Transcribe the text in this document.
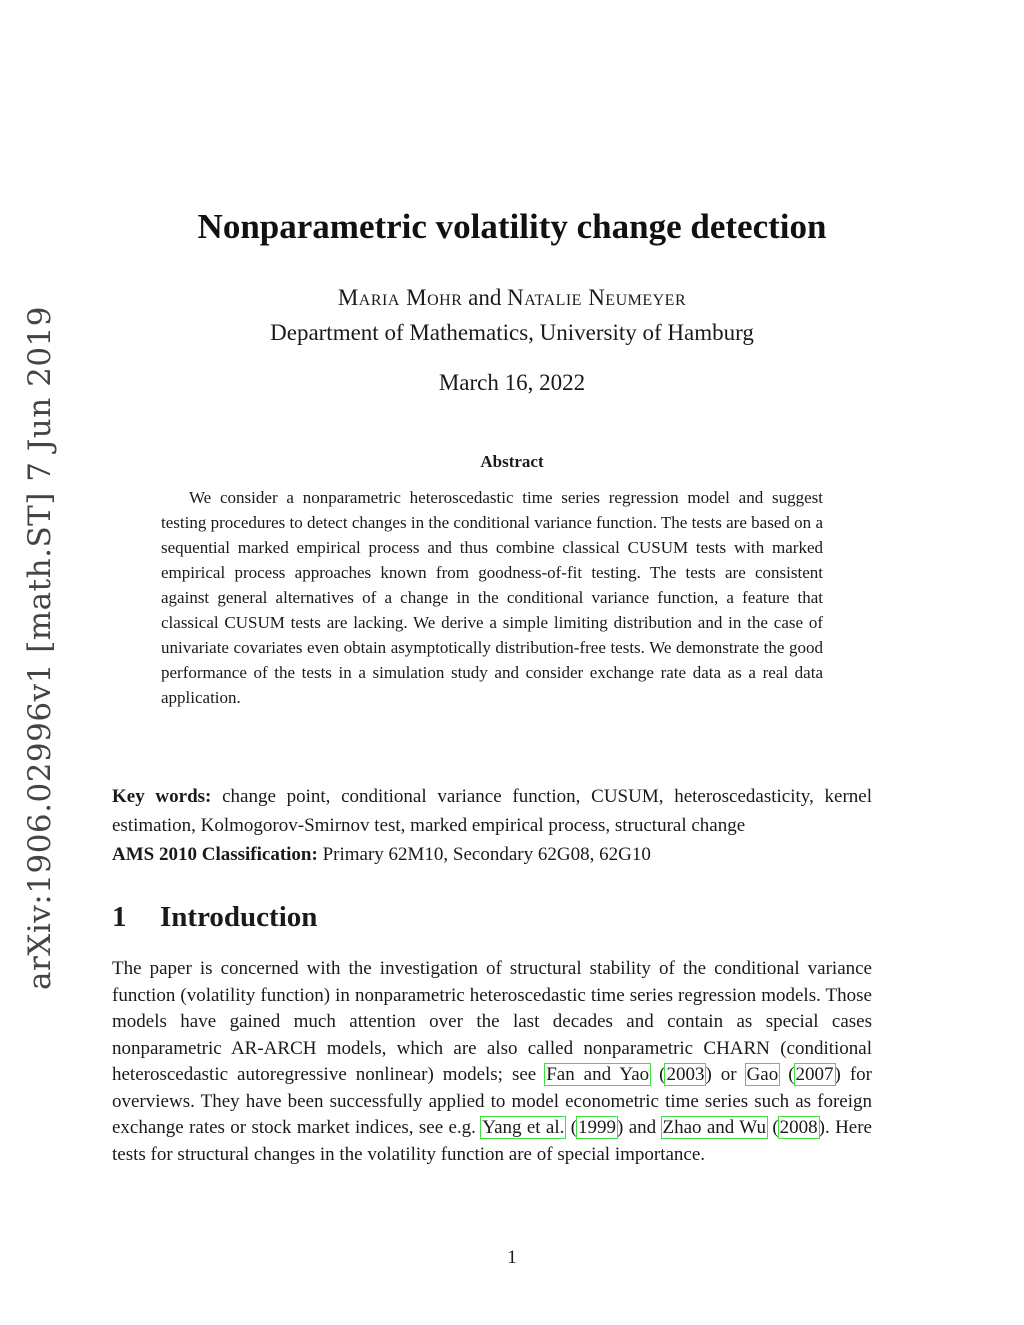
arXiv:1906.02996v1 [math.ST] 7 Jun 2019
Nonparametric volatility change detection
Maria Mohr and Natalie Neumeyer
Department of Mathematics, University of Hamburg
March 16, 2022
Abstract
We consider a nonparametric heteroscedastic time series regression model and suggest testing procedures to detect changes in the conditional variance function. The tests are based on a sequential marked empirical process and thus combine classical CUSUM tests with marked empirical process approaches known from goodness-of-fit testing. The tests are consistent against general alternatives of a change in the conditional variance function, a feature that classical CUSUM tests are lacking. We derive a simple limiting distribution and in the case of univariate covariates even obtain asymptotically distribution-free tests. We demonstrate the good performance of the tests in a simulation study and consider exchange rate data as a real data application.
Key words: change point, conditional variance function, CUSUM, heteroscedasticity, kernel estimation, Kolmogorov-Smirnov test, marked empirical process, structural change
AMS 2010 Classification: Primary 62M10, Secondary 62G08, 62G10
1 Introduction
The paper is concerned with the investigation of structural stability of the conditional variance function (volatility function) in nonparametric heteroscedastic time series regression models. Those models have gained much attention over the last decades and contain as special cases nonparametric AR-ARCH models, which are also called nonparametric CHARN (conditional heteroscedastic autoregressive nonlinear) models; see Fan and Yao (2003) or Gao (2007) for overviews. They have been successfully applied to model econometric time series such as foreign exchange rates or stock market indices, see e.g. Yang et al. (1999) and Zhao and Wu (2008). Here tests for structural changes in the volatility function are of special importance.
1
